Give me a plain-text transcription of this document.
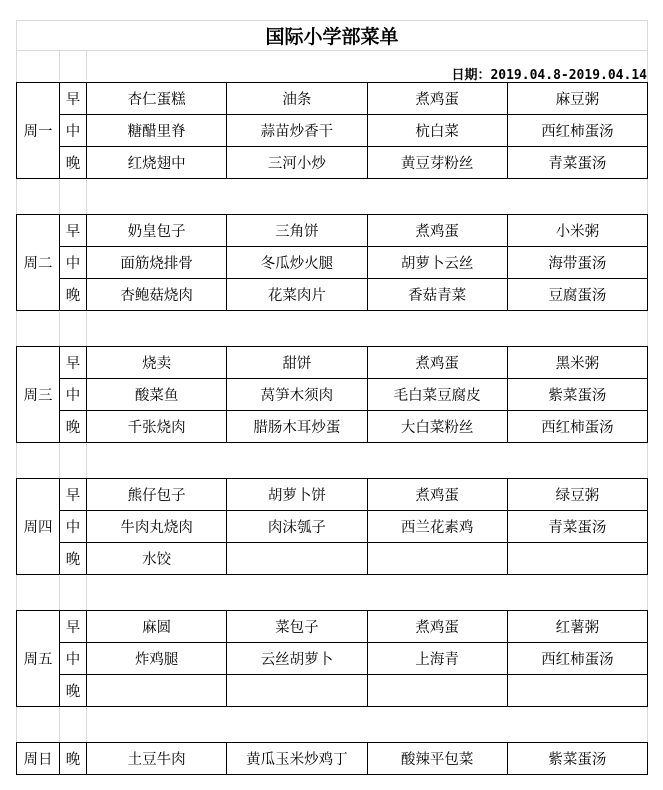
国际小学部菜单
日期：2019.04.8-2019.04.14
周一	早	杏仁蛋糕	油条	煮鸡蛋	麻豆粥
	中	糖醋里脊	蒜苗炒香干	杭白菜	西红柿蛋汤
	晚	红烧翅中	三河小炒	黄豆芽粉丝	青菜蛋汤
周二	早	奶皇包子	三角饼	煮鸡蛋	小米粥
	中	面筋烧排骨	冬瓜炒火腿	胡萝卜云丝	海带蛋汤
	晚	杏鲍菇烧肉	花菜肉片	香菇青菜	豆腐蛋汤
周三	早	烧卖	甜饼	煮鸡蛋	黑米粥
	中	酸菜鱼	莴笋木须肉	毛白菜豆腐皮	紫菜蛋汤
	晚	千张烧肉	腊肠木耳炒蛋	大白菜粉丝	西红柿蛋汤
周四	早	熊仔包子	胡萝卜饼	煮鸡蛋	绿豆粥
	中	牛肉丸烧肉	肉沫瓠子	西兰花素鸡	青菜蛋汤
	晚	水饺			
周五	早	麻圆	菜包子	煮鸡蛋	红薯粥
	中	炸鸡腿	云丝胡萝卜	上海青	西红柿蛋汤
	晚				
周日	晚	土豆牛肉	黄瓜玉米炒鸡丁	酸辣平包菜	紫菜蛋汤
